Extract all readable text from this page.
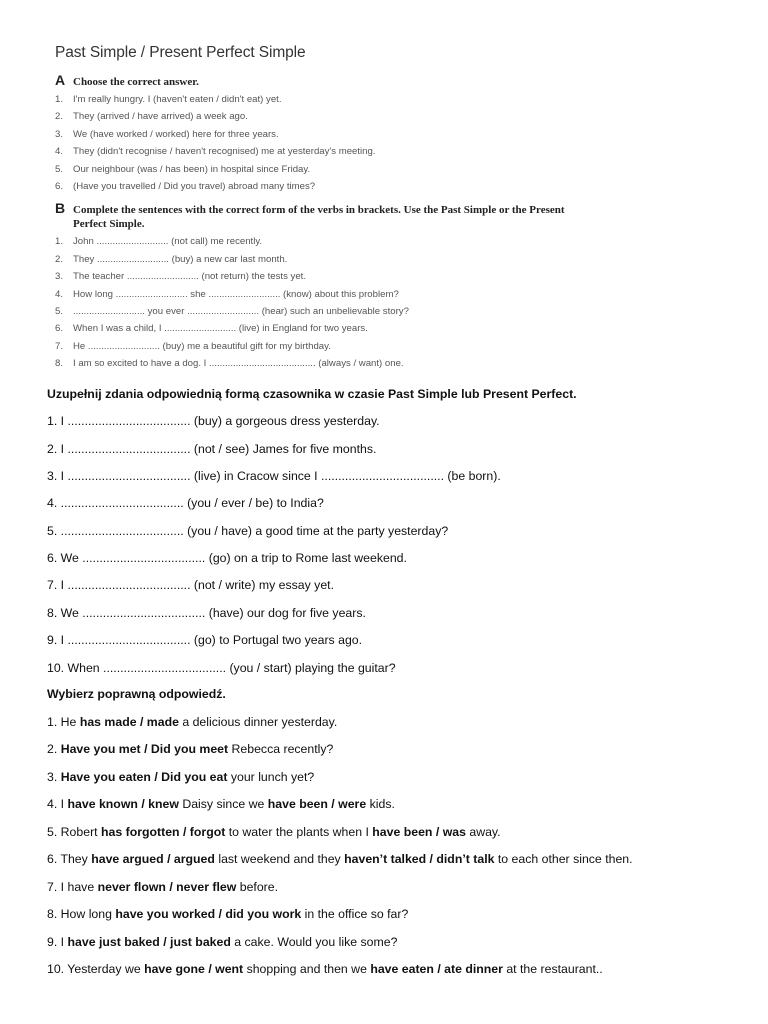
Past Simple / Present Perfect Simple
A Choose the correct answer.
1.	I'm really hungry. I (haven't eaten / didn't eat) yet.
2.	They (arrived / have arrived) a week ago.
3.	We (have worked / worked) here for three years.
4.	They (didn't recognise / haven't recognised) me at yesterday's meeting.
5.	Our neighbour (was / has been) in hospital since Friday.
6.	(Have you travelled / Did you travel) abroad many times?
B Complete the sentences with the correct form of the verbs in brackets. Use the Past Simple or the Present Perfect Simple.
1.	John ........................... (not call) me recently.
2.	They ........................... (buy) a new car last month.
3.	The teacher ........................... (not return) the tests yet.
4.	How long ........................... she ........................... (know) about this problem?
5.	........................... you ever ........................... (hear) such an unbelievable story?
6.	When I was a child, I ........................... (live) in England for two years.
7.	He ........................... (buy) me a beautiful gift for my birthday.
8.	I am so excited to have a dog. I ........................................ (always / want) one.
Uzupełnij zdania odpowiednią formą czasownika w czasie Past Simple lub Present Perfect.
1. I .................................... (buy) a gorgeous dress yesterday.
2. I .................................... (not / see) James for five months.
3. I .................................... (live) in Cracow since I .................................... (be born).
4. .................................... (you / ever / be) to India?
5. .................................... (you / have) a good time at the party yesterday?
6. We .................................... (go) on a trip to Rome last weekend.
7. I .................................... (not / write) my essay yet.
8. We .................................... (have) our dog for five years.
9. I .................................... (go) to Portugal two years ago.
10. When .................................... (you / start) playing the guitar?
Wybierz poprawną odpowiedź.
1. He has made / made a delicious dinner yesterday.
2. Have you met / Did you meet Rebecca recently?
3. Have you eaten / Did you eat your lunch yet?
4. I have known / knew Daisy since we have been / were kids.
5. Robert has forgotten / forgot to water the plants when I have been / was away.
6. They have argued / argued last weekend and they haven’t talked / didn’t talk to each other since then.
7. I have never flown / never flew before.
8. How long have you worked / did you work in the office so far?
9. I have just baked / just baked a cake. Would you like some?
10. Yesterday we have gone / went shopping and then we have eaten / ate dinner at the restaurant..
